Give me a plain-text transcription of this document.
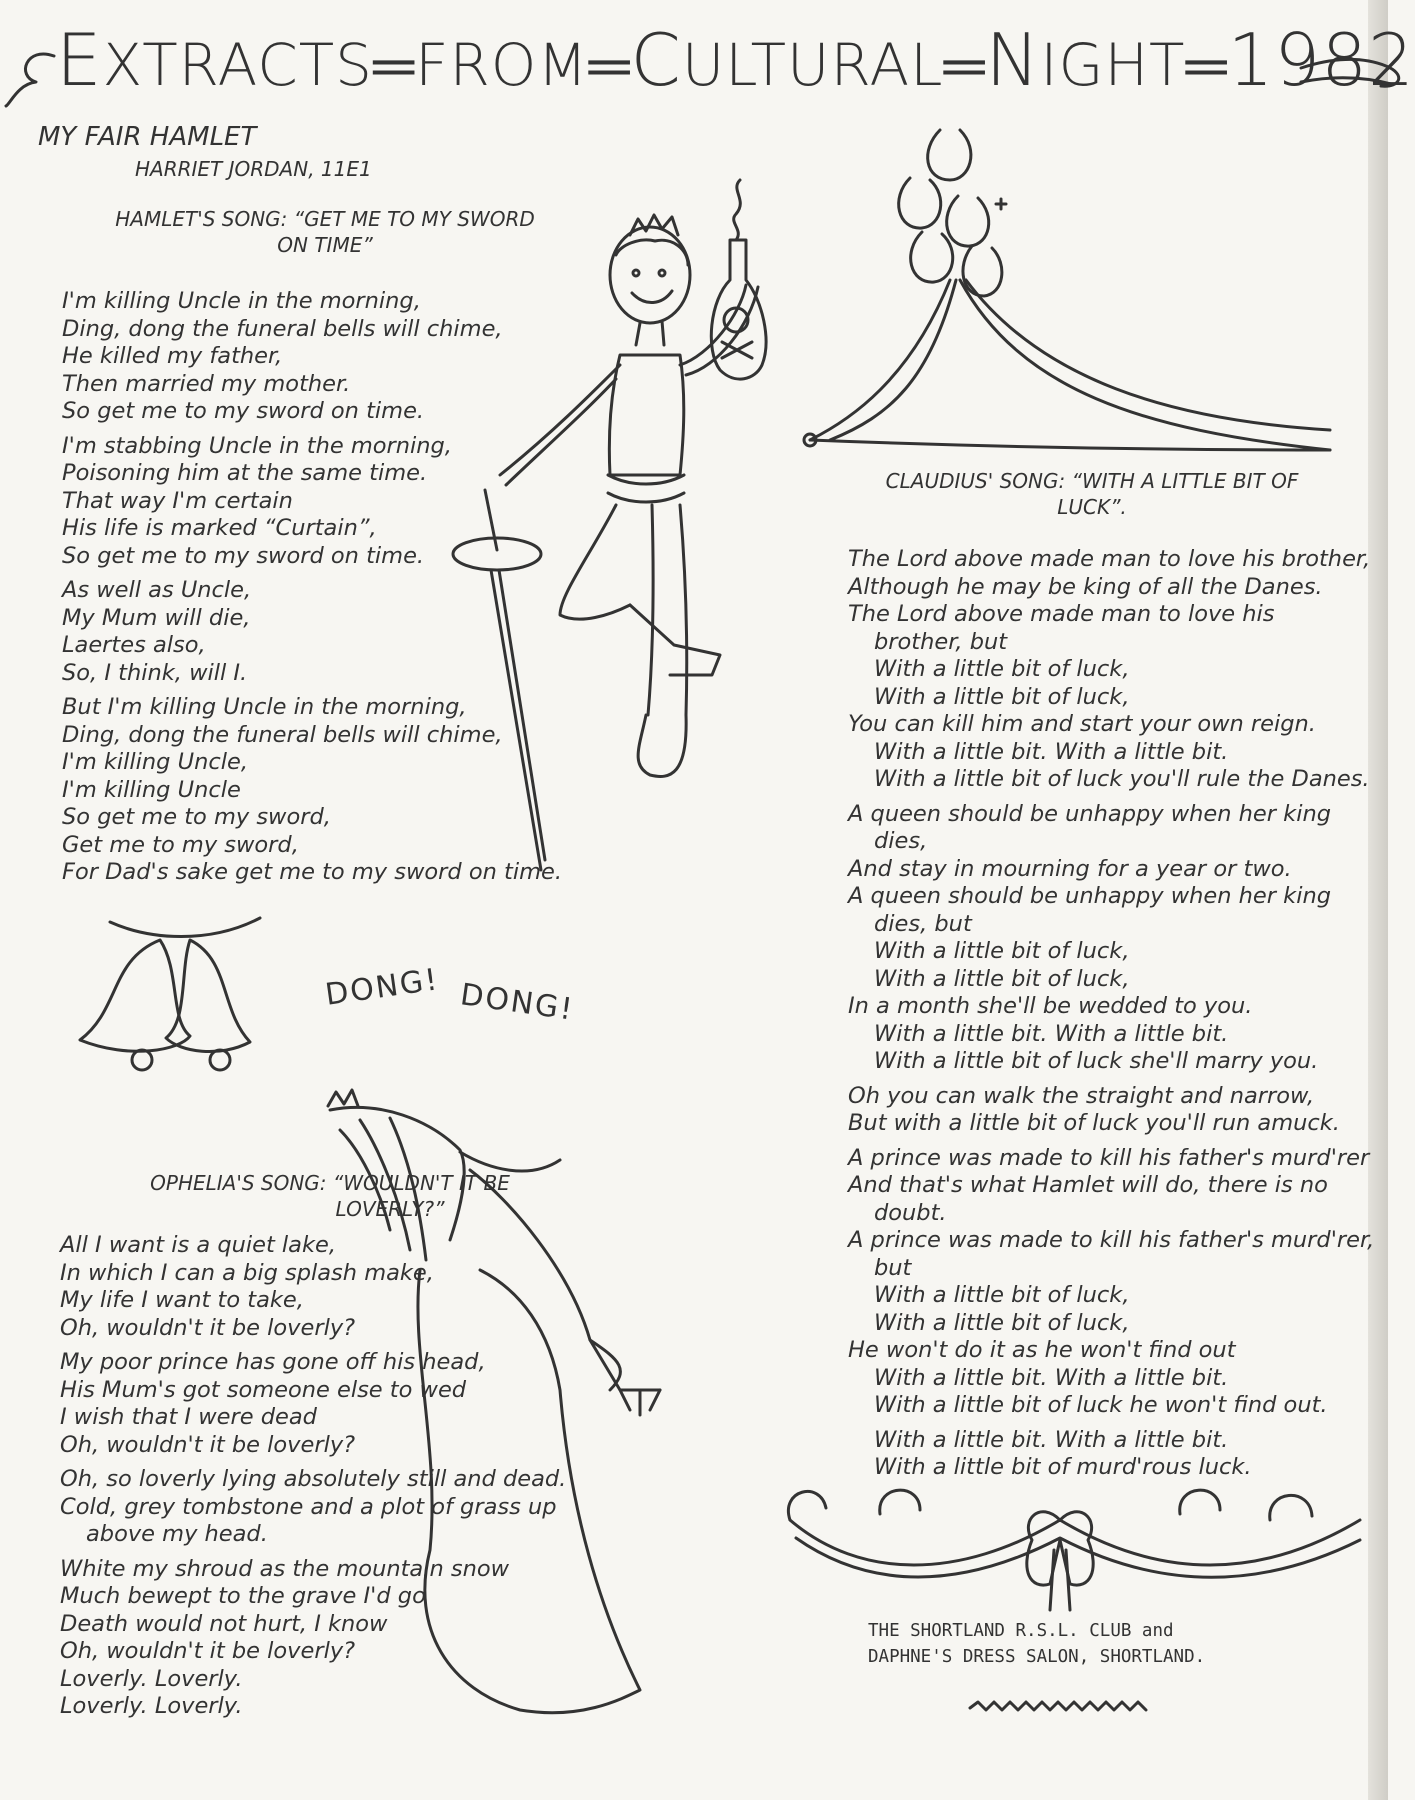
EXTRACTS═FROM═CULTURAL═NIGHT═1982
MY FAIR HAMLET
HARRIET JORDAN, 11E1
HAMLET'S SONG: “GET ME TO MY SWORD
ON TIME”
I'm killing Uncle in the morning,
Ding, dong the funeral bells will chime,
He killed my father,
Then married my mother.
So get me to my sword on time.
I'm stabbing Uncle in the morning,
Poisoning him at the same time.
That way I'm certain
His life is marked “Curtain”,
So get me to my sword on time.
As well as Uncle,
My Mum will die,
Laertes also,
So, I think, will I.
But I'm killing Uncle in the morning,
Ding, dong the funeral bells will chime,
I'm killing Uncle,
I'm killing Uncle
So get me to my sword,
Get me to my sword,
For Dad's sake get me to my sword on time.
CLAUDIUS' SONG: “WITH A LITTLE BIT OF
LUCK”.
The Lord above made man to love his brother,
Although he may be king of all the Danes.
The Lord above made man to love his
brother, but
With a little bit of luck,
With a little bit of luck,
You can kill him and start your own reign.
With a little bit. With a little bit.
With a little bit of luck you'll rule the Danes.
A queen should be unhappy when her king
dies,
And stay in mourning for a year or two.
A queen should be unhappy when her king
dies, but
With a little bit of luck,
With a little bit of luck,
In a month she'll be wedded to you.
With a little bit. With a little bit.
With a little bit of luck she'll marry you.
Oh you can walk the straight and narrow,
But with a little bit of luck you'll run amuck.
A prince was made to kill his father's murd'rer
And that's what Hamlet will do, there is no
doubt.
A prince was made to kill his father's murd'rer,
but
With a little bit of luck,
With a little bit of luck,
He won't do it as he won't find out
With a little bit. With a little bit.
With a little bit of luck he won't find out.
With a little bit. With a little bit.
With a little bit of murd'rous luck.
DONG! DONG!
OPHELIA'S SONG: “WOULDN'T IT BE
LOVERLY?”
All I want is a quiet lake,
In which I can a big splash make,
My life I want to take,
Oh, wouldn't it be loverly?
My poor prince has gone off his head,
His Mum's got someone else to wed
I wish that I were dead
Oh, wouldn't it be loverly?
Oh, so loverly lying absolutely still and dead.
Cold, grey tombstone and a plot of grass up
above my head.
White my shroud as the mountain snow
Much bewept to the grave I'd go
Death would not hurt, I know
Oh, wouldn't it be loverly?
Loverly. Loverly.
Loverly. Loverly.
THE SHORTLAND R.S.L. CLUB and
DAPHNE'S DRESS SALON, SHORTLAND.
